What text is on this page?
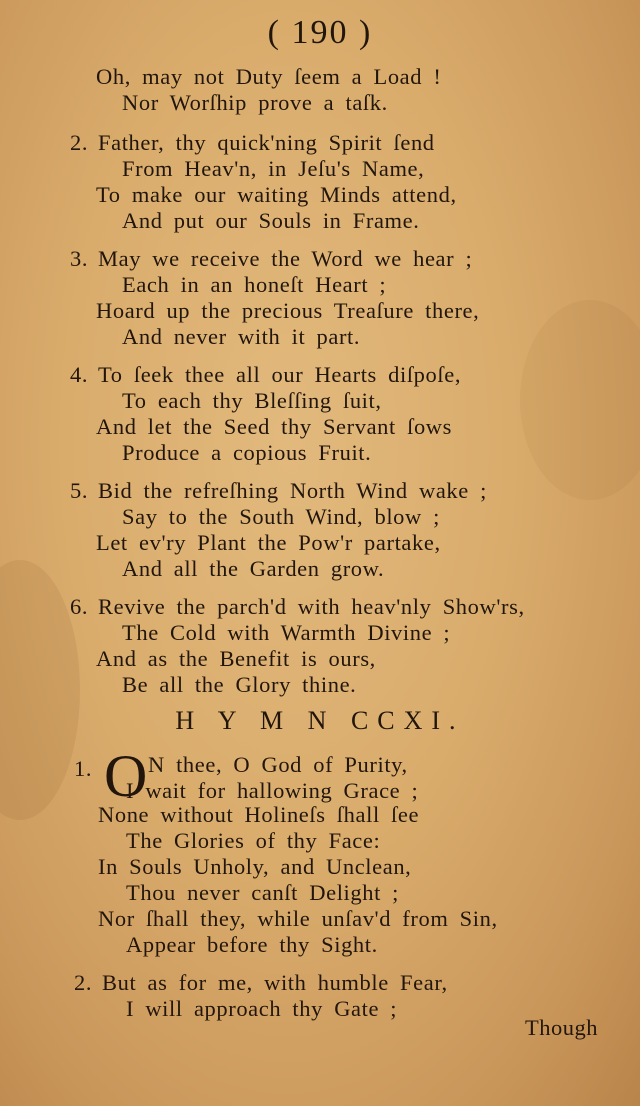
( 190 )
Oh, may not Duty ſeem a Load !
Nor Worſhip prove a taſk.
2. Father, thy quick'ning Spirit ſend
From Heav'n, in Jeſu's Name,
To make our waiting Minds attend,
And put our Souls in Frame.
3. May we receive the Word we hear ;
Each in an honeſt Heart ;
Hoard up the precious Treaſure there,
And never with it part.
4. To ſeek thee all our Hearts diſpoſe,
To each thy Bleſſing ſuit,
And let the Seed thy Servant ſows
Produce a copious Fruit.
5. Bid the refreſhing North Wind wake ;
Say to the South Wind, blow ;
Let ev'ry Plant the Pow'r partake,
And all the Garden grow.
6. Revive the parch'd with heav'nly Show'rs,
The Cold with Warmth Divine ;
And as the Benefit is ours,
Be all the Glory thine.
H Y M N CCXI.
O
1. N thee, O God of Purity,
I wait for hallowing Grace ;
None without Holineſs ſhall ſee
The Glories of thy Face:
In Souls Unholy, and Unclean,
Thou never canſt Delight ;
Nor ſhall they, while unſav'd from Sin,
Appear before thy Sight.
2. But as for me, with humble Fear,
I will approach thy Gate ;
Though
